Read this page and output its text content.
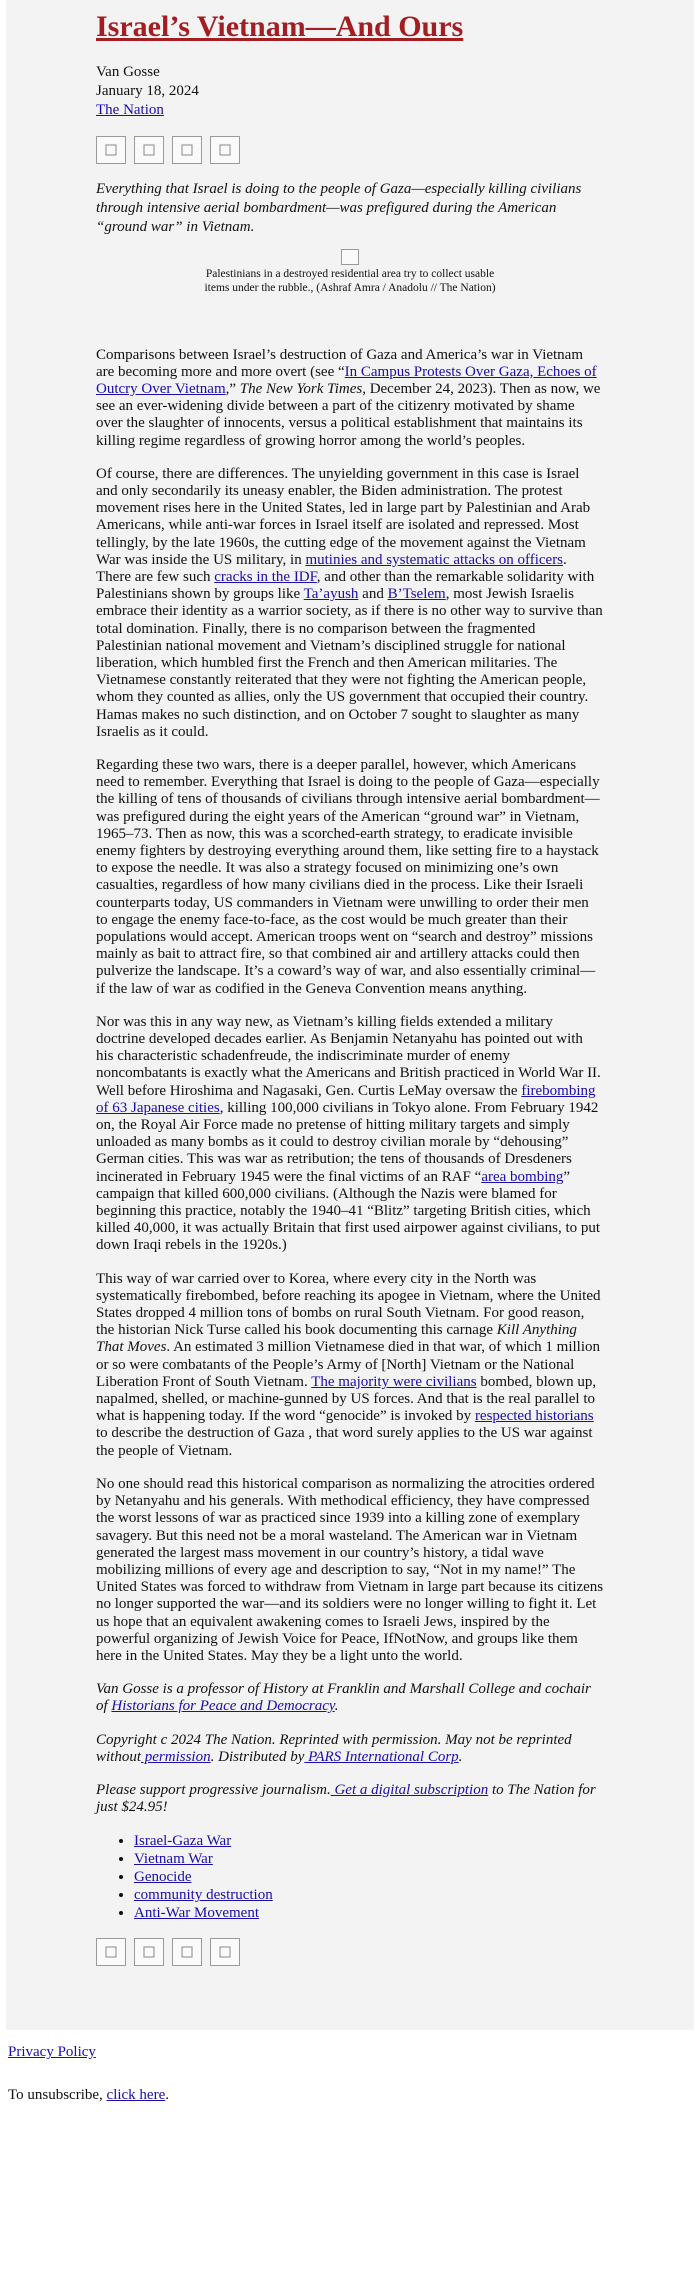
Israel’s Vietnam—And Ours
Van Gosse
January 18, 2024
The Nation
Everything that Israel is doing to the people of Gaza—especially killing civilians through intensive aerial bombardment—was prefigured during the American “ground war” in Vietnam.
Palestinians in a destroyed residential area try to collect usable items under the rubble., (Ashraf Amra / Anadolu // The Nation)

Comparisons between Israel’s destruction of Gaza and America’s war in Vietnam are becoming more and more overt (see “In Campus Protests Over Gaza, Echoes of Outcry Over Vietnam,” The New York Times, December 24, 2023). Then as now, we see an ever-widening divide between a part of the citizenry motivated by shame over the slaughter of innocents, versus a political establishment that maintains its killing regime regardless of growing horror among the world’s peoples.

Of course, there are differences. The unyielding government in this case is Israel and only secondarily its uneasy enabler, the Biden administration. The protest movement rises here in the United States, led in large part by Palestinian and Arab Americans, while anti-war forces in Israel itself are isolated and repressed. Most tellingly, by the late 1960s, the cutting edge of the movement against the Vietnam War was inside the US military, in mutinies and systematic attacks on officers. There are few such cracks in the IDF, and other than the remarkable solidarity with Palestinians shown by groups like Ta’ayush and B’Tselem, most Jewish Israelis embrace their identity as a warrior society, as if there is no other way to survive than total domination. Finally, there is no comparison between the fragmented Palestinian national movement and Vietnam’s disciplined struggle for national liberation, which humbled first the French and then American militaries. The Vietnamese constantly reiterated that they were not fighting the American people, whom they counted as allies, only the US government that occupied their country. Hamas makes no such distinction, and on October 7 sought to slaughter as many Israelis as it could.

Regarding these two wars, there is a deeper parallel, however, which Americans need to remember. Everything that Israel is doing to the people of Gaza—especially the killing of tens of thousands of civilians through intensive aerial bombardment—was prefigured during the eight years of the American “ground war” in Vietnam, 1965–73. Then as now, this was a scorched-earth strategy, to eradicate invisible enemy fighters by destroying everything around them, like setting fire to a haystack to expose the needle. It was also a strategy focused on minimizing one’s own casualties, regardless of how many civilians died in the process. Like their Israeli counterparts today, US commanders in Vietnam were unwilling to order their men to engage the enemy face-to-face, as the cost would be much greater than their populations would accept. American troops went on “search and destroy” missions mainly as bait to attract fire, so that combined air and artillery attacks could then pulverize the landscape. It’s a coward’s way of war, and also essentially criminal—if the law of war as codified in the Geneva Convention means anything.

Nor was this in any way new, as Vietnam’s killing fields extended a military doctrine developed decades earlier. As Benjamin Netanyahu has pointed out with his characteristic schadenfreude, the indiscriminate murder of enemy noncombatants is exactly what the Americans and British practiced in World War II. Well before Hiroshima and Nagasaki, Gen. Curtis LeMay oversaw the firebombing of 63 Japanese cities, killing 100,000 civilians in Tokyo alone. From February 1942 on, the Royal Air Force made no pretense of hitting military targets and simply unloaded as many bombs as it could to destroy civilian morale by “dehousing” German cities. This was war as retribution; the tens of thousands of Dresdeners incinerated in February 1945 were the final victims of an RAF “area bombing” campaign that killed 600,000 civilians. (Although the Nazis were blamed for beginning this practice, notably the 1940–41 “Blitz” targeting British cities, which killed 40,000, it was actually Britain that first used airpower against civilians, to put down Iraqi rebels in the 1920s.)

This way of war carried over to Korea, where every city in the North was systematically firebombed, before reaching its apogee in Vietnam, where the United States dropped 4 million tons of bombs on rural South Vietnam. For good reason, the historian Nick Turse called his book documenting this carnage Kill Anything That Moves. An estimated 3 million Vietnamese died in that war, of which 1 million or so were combatants of the People’s Army of [North] Vietnam or the National Liberation Front of South Vietnam. The majority were civilians bombed, blown up, napalmed, shelled, or machine-gunned by US forces. And that is the real parallel to what is happening today. If the word “genocide” is invoked by respected historians to describe the destruction of Gaza , that word surely applies to the US war against the people of Vietnam.

No one should read this historical comparison as normalizing the atrocities ordered by Netanyahu and his generals. With methodical efficiency, they have compressed the worst lessons of war as practiced since 1939 into a killing zone of exemplary savagery. But this need not be a moral wasteland. The American war in Vietnam generated the largest mass movement in our country’s history, a tidal wave mobilizing millions of every age and description to say, “Not in my name!” The United States was forced to withdraw from Vietnam in large part because its citizens no longer supported the war—and its soldiers were no longer willing to fight it. Let us hope that an equivalent awakening comes to Israeli Jews, inspired by the powerful organizing of Jewish Voice for Peace, IfNotNow, and groups like them here in the United States. May they be a light unto the world.

Van Gosse is a professor of History at Franklin and Marshall College and cochair of Historians for Peace and Democracy.

Copyright c 2024 The Nation. Reprinted with permission. May not be reprinted without permission. Distributed by PARS International Corp.

Please support progressive journalism. Get a digital subscription to The Nation for just $24.95!

• Israel-Gaza War
• Vietnam War
• Genocide
• community destruction
• Anti-War Movement

Privacy Policy

To unsubscribe, click here.
